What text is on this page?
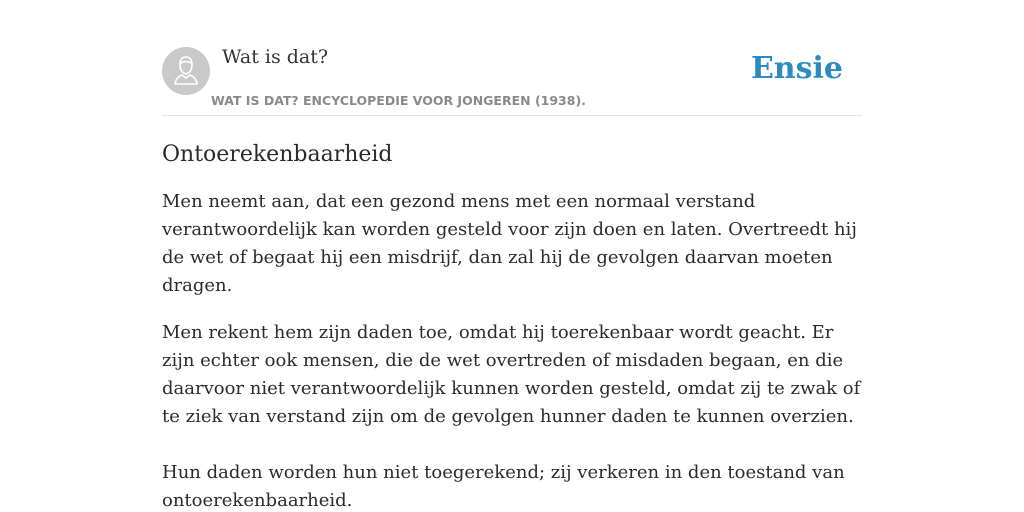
Wat is dat?
WAT IS DAT? ENCYCLOPEDIE VOOR JONGEREN (1938).
Ensie
Ontoerekenbaarheid

Men neemt aan, dat een gezond mens met een normaal verstand verantwoordelijk kan worden gesteld voor zijn doen en laten. Overtreedt hij de wet of begaat hij een misdrijf, dan zal hij de gevolgen daarvan moeten dragen.

Men rekent hem zijn daden toe, omdat hij toerekenbaar wordt geacht. Er zijn echter ook mensen, die de wet overtreden of misdaden begaan, en die daarvoor niet verantwoordelijk kunnen worden gesteld, omdat zij te zwak of te ziek van verstand zijn om de gevolgen hunner daden te kunnen overzien.

Hun daden worden hun niet toegerekend; zij verkeren in den toestand van ontoerekenbaarheid.
